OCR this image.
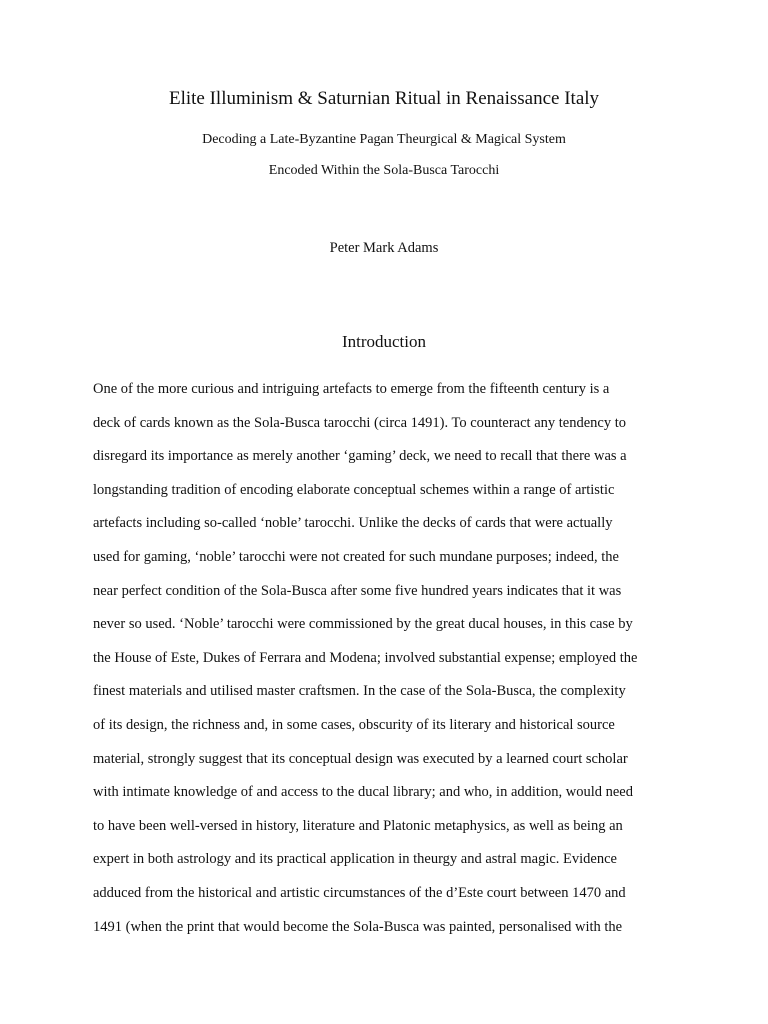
Elite Illuminism & Saturnian Ritual in Renaissance Italy

Decoding a Late-Byzantine Pagan Theurgical & Magical System

Encoded Within the Sola-Busca Tarocchi

Peter Mark Adams

Introduction
One of the more curious and intriguing artefacts to emerge from the fifteenth century is a
deck of cards known as the Sola-Busca tarocchi (circa 1491). To counteract any tendency to
disregard its importance as merely another ‘gaming’ deck, we need to recall that there was a
longstanding tradition of encoding elaborate conceptual schemes within a range of artistic
artefacts including so-called ‘noble’ tarocchi. Unlike the decks of cards that were actually
used for gaming, ‘noble’ tarocchi were not created for such mundane purposes; indeed, the
near perfect condition of the Sola-Busca after some five hundred years indicates that it was
never so used. ‘Noble’ tarocchi were commissioned by the great ducal houses, in this case by
the House of Este, Dukes of Ferrara and Modena; involved substantial expense; employed the
finest materials and utilised master craftsmen. In the case of the Sola-Busca, the complexity
of its design, the richness and, in some cases, obscurity of its literary and historical source
material, strongly suggest that its conceptual design was executed by a learned court scholar
with intimate knowledge of and access to the ducal library; and who, in addition, would need
to have been well-versed in history, literature and Platonic metaphysics, as well as being an
expert in both astrology and its practical application in theurgy and astral magic. Evidence
adduced from the historical and artistic circumstances of the d’Este court between 1470 and
1491 (when the print that would become the Sola-Busca was painted, personalised with the
